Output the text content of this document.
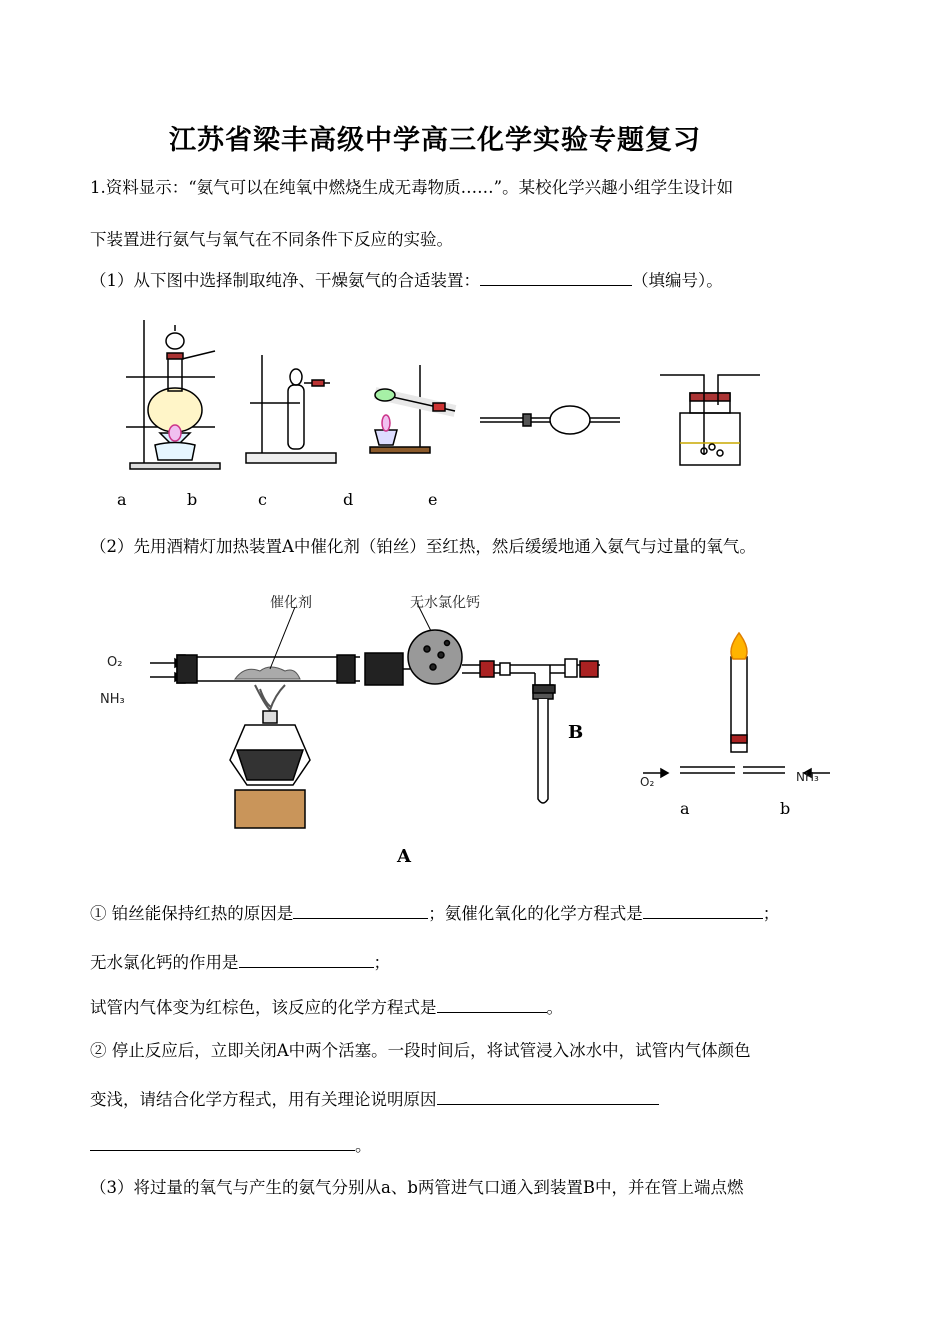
江苏省梁丰高级中学高三化学实验专题复习
1.资料显示：“氨气可以在纯氧中燃烧生成无毒物质……”。某校化学兴趣小组学生设计如
下装置进行氨气与氧气在不同条件下反应的实验。
（1）从下图中选择制取纯净、干燥氨气的合适装置：	（填编号）。
a	b	c	d	e
（2）先用酒精灯加热装置A中催化剂（铂丝）至红热，然后缓缓地通入氨气与过量的氧气。
催化剂	无水氯化钙
O₂
NH₃
B
A
O₂	NH₃
a	b
① 铂丝能保持红热的原因是	；氨催化氧化的化学方程式是	；
无水氯化钙的作用是	；
试管内气体变为红棕色，该反应的化学方程式是	。
② 停止反应后，立即关闭A中两个活塞。一段时间后，将试管浸入冰水中，试管内气体颜色
变浅，请结合化学方程式，用有关理论说明原因
。
（3）将过量的氧气与产生的氨气分别从a、b两管进气口通入到装置B中，并在管上端点燃
